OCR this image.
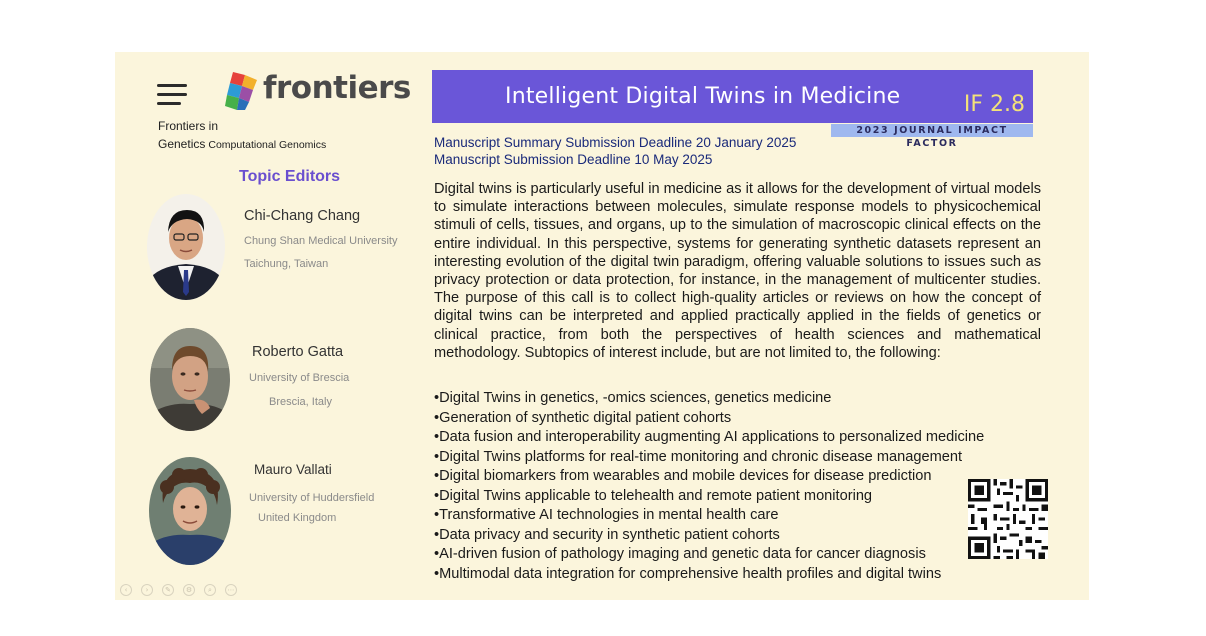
frontiers
Frontiers in
Genetics Computational Genomics
Topic Editors
Chi-Chang Chang
Chung Shan Medical University
Taichung, Taiwan
Roberto Gatta
University of Brescia
Brescia, Italy
Mauro Vallati
University of Huddersfield
United Kingdom
Intelligent Digital Twins in Medicine	IF 2.8
2023 JOURNAL IMPACT FACTOR
Manuscript Summary Submission Deadline 20 January 2025
Manuscript Submission Deadline 10 May 2025

Digital twins is particularly useful in medicine as it allows for the development of virtual models to simulate interactions between molecules, simulate response models to physicochemical stimuli of cells, tissues, and organs, up to the simulation of macroscopic clinical effects on the entire individual. In this perspective, systems for generating synthetic datasets represent an interesting evolution of the digital twin paradigm, offering valuable solutions to issues such as privacy protection or data protection, for instance, in the management of multicenter studies. The purpose of this call is to collect high-quality articles or reviews on how the concept of digital twins can be interpreted and applied practically applied in the fields of genetics or clinical practice, from both the perspectives of health sciences and mathematical methodology. Subtopics of interest include, but are not limited to, the following:

•Digital Twins in genetics, -omics sciences, genetics medicine
•Generation of synthetic digital patient cohorts
•Data fusion and interoperability augmenting AI applications to personalized medicine
•Digital Twins platforms for real-time monitoring and chronic disease management
•Digital biomarkers from wearables and mobile devices for disease prediction
•Digital Twins applicable to telehealth and remote patient monitoring
•Transformative AI technologies in mental health care
•Data privacy and security in synthetic patient cohorts
•AI-driven fusion of pathology imaging and genetic data for cancer diagnosis
•Multimodal data integration for comprehensive health profiles and digital twins
‹	›	✎	⚙	⌕	⋯
